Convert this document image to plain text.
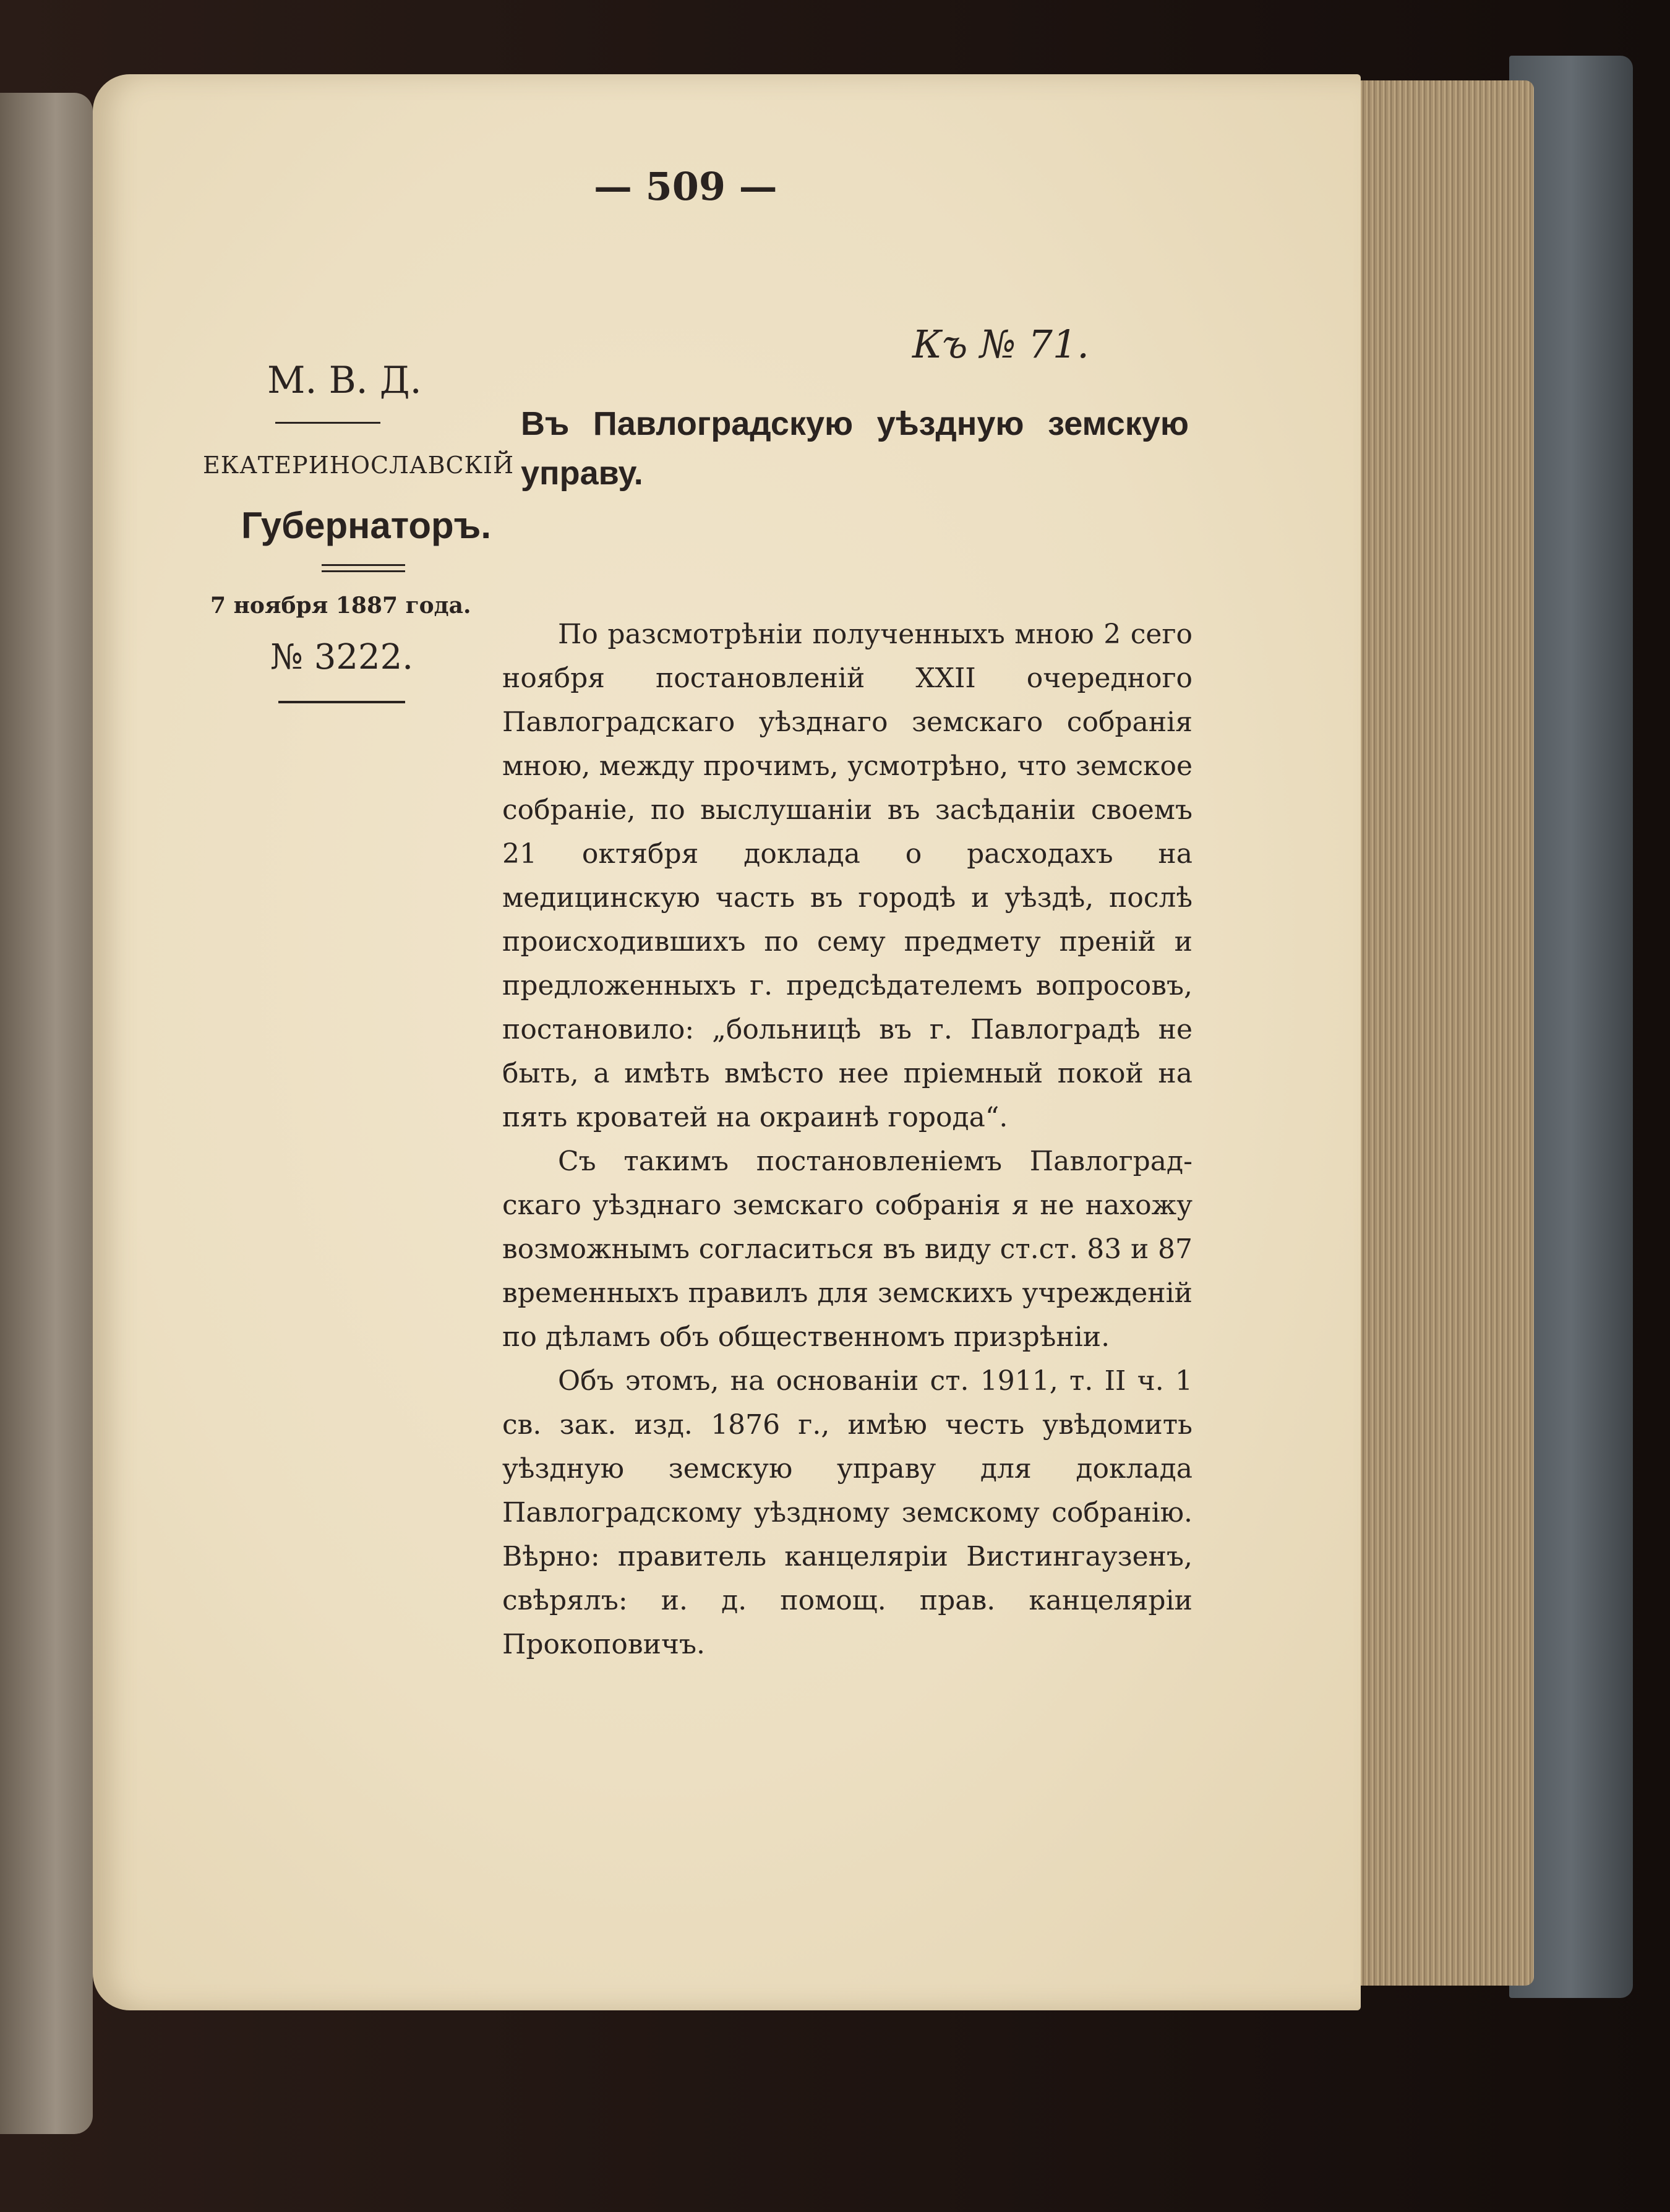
— 509 —
Къ № 71.
М. В. Д.
ЕКАТЕРИНОСЛАВСКІЙ
Губернаторъ.
7 ноября 1887 года.
№ 3222.
Въ Павлоградскую уѣздную земскую управу.

По разсмотрѣніи полученныхъ мною 2 сего ноября постановленій XXII очередного Павлоградскаго уѣзднаго земскаго собранія мною, между прочимъ, усмотрѣно, что земское собраніе, по выслушаніи въ засѣданіи своемъ 21 октября доклада о расходахъ на медицинскую часть въ городѣ и уѣздѣ, послѣ происходившихъ по сему предмету преній и предложенныхъ г. предсѣдателемъ вопросовъ, постановило: „больницѣ въ г. Павлоградѣ не быть, а имѣть вмѣсто нее пріемный покой на пять кроватей на окраинѣ города“.

Съ такимъ постановленіемъ Павлоградскаго уѣзднаго земскаго собранія я не нахожу возможнымъ согласиться въ виду ст.ст. 83 и 87 временныхъ правилъ для земскихъ учрежденій по дѣламъ объ общественномъ призрѣніи.

Объ этомъ, на основаніи ст. 1911, т. II ч. 1 св. зак. изд. 1876 г., имѣю честь увѣдомить уѣздную земскую управу для доклада Павлоградскому уѣздному земскому собранію. Вѣрно: правитель канцеляріи Вистингаузенъ, свѣрялъ: и. д. помощ. прав. канцеляріи Прокоповичъ.
